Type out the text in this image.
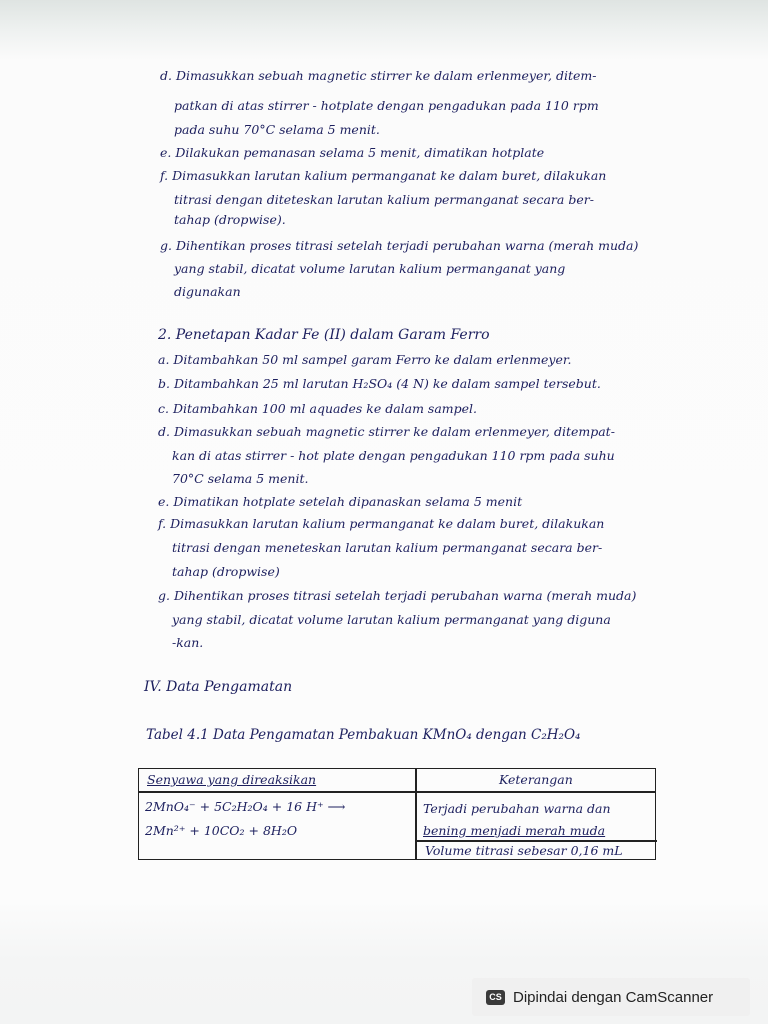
d. Dimasukkan sebuah magnetic stirrer ke dalam erlenmeyer, ditem-
patkan di atas stirrer - hotplate dengan pengadukan pada 110 rpm
pada suhu 70°C selama 5 menit.
e. Dilakukan pemanasan selama 5 menit, dimatikan hotplate
f. Dimasukkan larutan kalium permanganat ke dalam buret, dilakukan
titrasi dengan diteteskan larutan kalium permanganat secara ber-
tahap (dropwise).
g. Dihentikan proses titrasi setelah terjadi perubahan warna (merah muda)
yang stabil, dicatat volume larutan kalium permanganat yang
digunakan
2. Penetapan Kadar Fe (II) dalam Garam Ferro
a. Ditambahkan 50 ml sampel garam Ferro ke dalam erlenmeyer.
b. Ditambahkan 25 ml larutan H₂SO₄ (4 N) ke dalam sampel tersebut.
c. Ditambahkan 100 ml aquades ke dalam sampel.
d. Dimasukkan sebuah magnetic stirrer ke dalam erlenmeyer, ditempat-
kan di atas stirrer - hot plate dengan pengadukan 110 rpm pada suhu
70°C selama 5 menit.
e. Dimatikan hotplate setelah dipanaskan selama 5 menit
f. Dimasukkan larutan kalium permanganat ke dalam buret, dilakukan
titrasi dengan meneteskan larutan kalium permanganat secara ber-
tahap (dropwise)
g. Dihentikan proses titrasi setelah terjadi perubahan warna (merah muda)
yang stabil, dicatat volume larutan kalium permanganat yang diguna
-kan.
IV. Data Pengamatan
Tabel 4.1 Data Pengamatan Pembakuan KMnO₄ dengan C₂H₂O₄
Senyawa yang direaksikan	Keterangan
2MnO₄⁻ + 5C₂H₂O₄ + 16 H⁺ ⟶
2Mn²⁺ + 10CO₂ + 8H₂O
Terjadi perubahan warna dan
bening menjadi merah muda
Volume titrasi sebesar 0,16 mL
CS Dipindai dengan CamScanner
